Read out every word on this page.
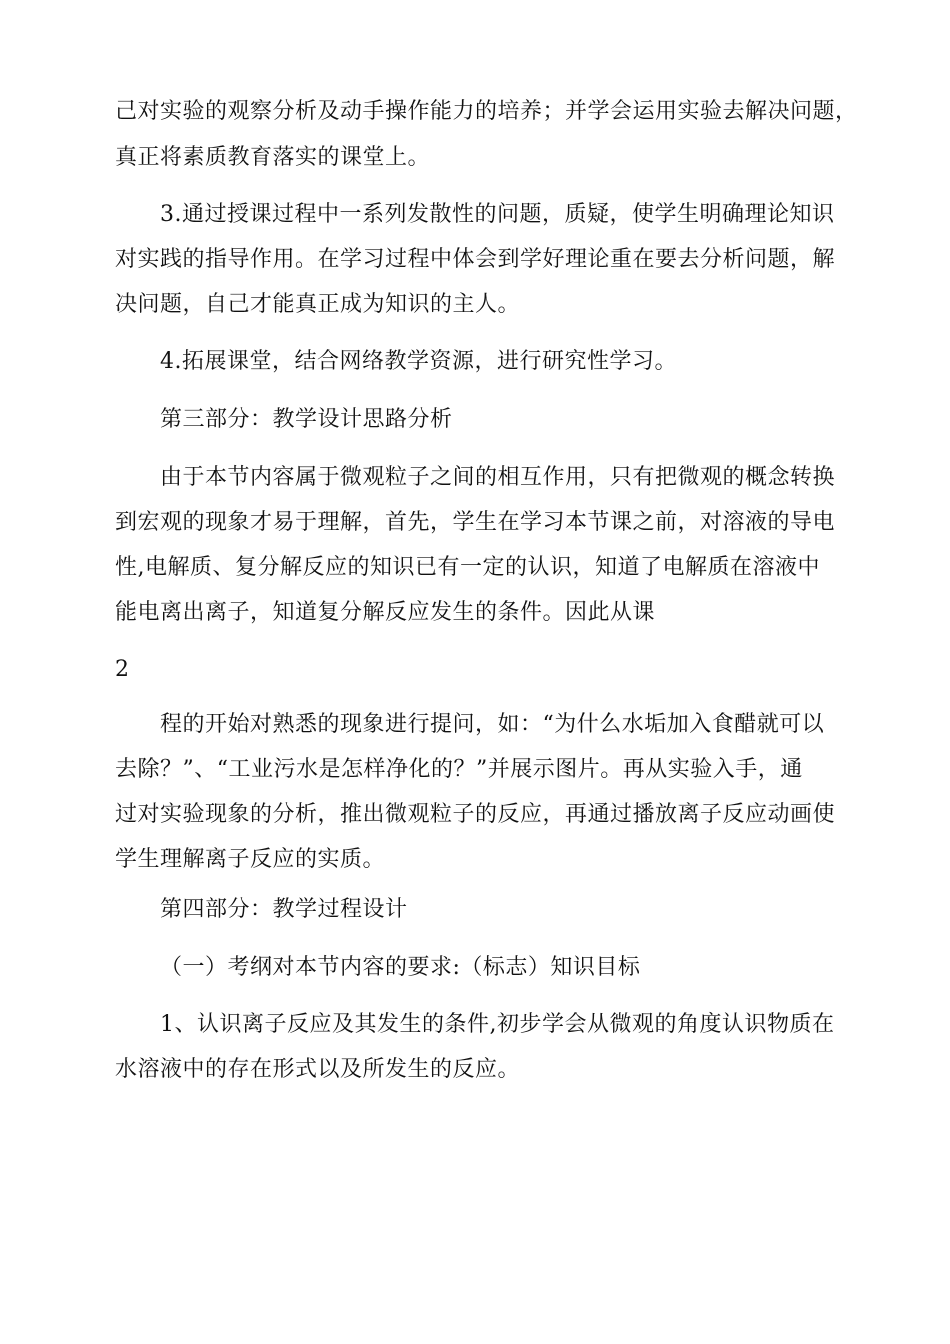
己对实验的观察分析及动手操作能力的培养；并学会运用实验去解决问题，
真正将素质教育落实的课堂上。
3.通过授课过程中一系列发散性的问题，质疑，使学生明确理论知识
对实践的指导作用。在学习过程中体会到学好理论重在要去分析问题，解
决问题，自己才能真正成为知识的主人。
4.拓展课堂，结合网络教学资源，进行研究性学习。
第三部分：教学设计思路分析
由于本节内容属于微观粒子之间的相互作用，只有把微观的概念转换
到宏观的现象才易于理解，首先，学生在学习本节课之前，对溶液的导电
性,电解质、复分解反应的知识已有一定的认识，知道了电解质在溶液中
能电离出离子，知道复分解反应发生的条件。因此从课
2
程的开始对熟悉的现象进行提问，如：“为什么水垢加入食醋就可以
去除？”、“工业污水是怎样净化的？”并展示图片。再从实验入手，通
过对实验现象的分析，推出微观粒子的反应，再通过播放离子反应动画使
学生理解离子反应的实质。
第四部分：教学过程设计
（一）考纲对本节内容的要求:（标志）知识目标
1、认识离子反应及其发生的条件,初步学会从微观的角度认识物质在
水溶液中的存在形式以及所发生的反应。
